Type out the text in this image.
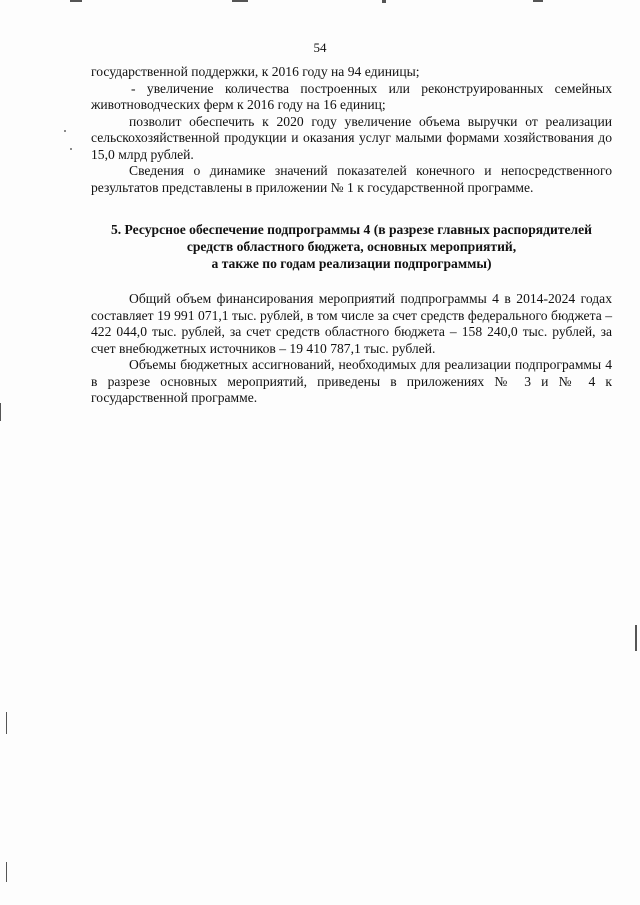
54

государственной поддержки, к 2016 году на 94 единицы;

- увеличение количества построенных или реконструированных семейных животноводческих ферм к 2016 году на 16 единиц;

позволит обеспечить к 2020 году увеличение объема выручки от реализации сельскохозяйственной продукции и оказания услуг малыми формами хозяйствования до 15,0 млрд рублей.

Сведения о динамике значений показателей конечного и непосредственного результатов представлены в приложении № 1 к государственной программе.

5. Ресурсное обеспечение подпрограммы 4 (в разрезе главных распорядителей
средств областного бюджета, основных мероприятий,
а также по годам реализации подпрограммы)

Общий объем финансирования мероприятий подпрограммы 4 в 2014-2024 годах составляет 19 991 071,1 тыс. рублей, в том числе за счет средств федерального бюджета – 422 044,0 тыс. рублей, за счет средств областного бюджета – 158 240,0 тыс. рублей, за счет внебюджетных источников – 19 410 787,1 тыс. рублей.

Объемы бюджетных ассигнований, необходимых для реализации подпрограммы 4 в разрезе основных мероприятий, приведены в приложениях № 3 и № 4 к государственной программе.
